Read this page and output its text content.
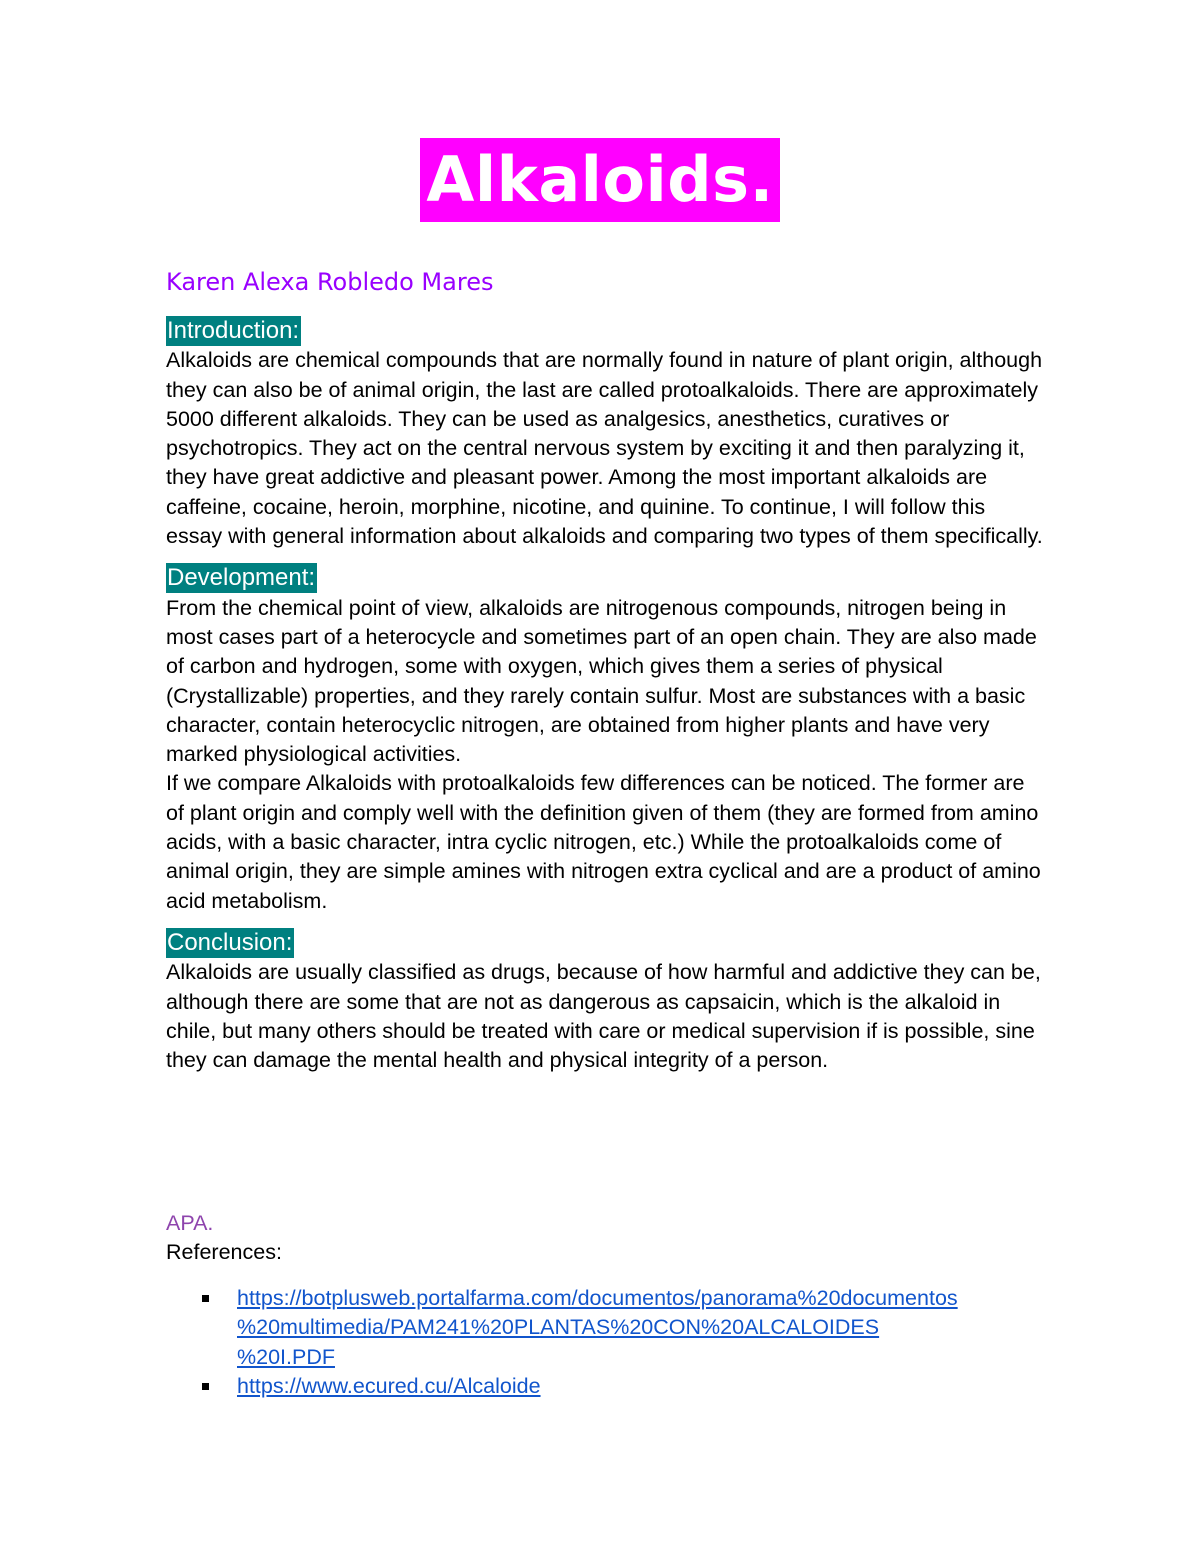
Alkaloids.
Karen Alexa Robledo Mares
Introduction:

Alkaloids are chemical compounds that are normally found in nature of plant origin, although they can also be of animal origin, the last are called protoalkaloids. There are approximately 5000 different alkaloids. They can be used as analgesics, anesthetics, curatives or psychotropics. They act on the central nervous system by exciting it and then paralyzing it, they have great addictive and pleasant power. Among the most important alkaloids are caffeine, cocaine, heroin, morphine, nicotine, and quinine. To continue, I will follow this essay with general information about alkaloids and comparing two types of them specifically.

Development:

From the chemical point of view, alkaloids are nitrogenous compounds, nitrogen being in most cases part of a heterocycle and sometimes part of an open chain. They are also made of carbon and hydrogen, some with oxygen, which gives them a series of physical (Crystallizable) properties, and they rarely contain sulfur. Most are substances with a basic character, contain heterocyclic nitrogen, are obtained from higher plants and have very marked physiological activities.

If we compare Alkaloids with protoalkaloids few differences can be noticed. The former are of plant origin and comply well with the definition given of them (they are formed from amino acids, with a basic character, intra cyclic nitrogen, etc.) While the protoalkaloids come of animal origin, they are simple amines with nitrogen extra cyclical and are a product of amino acid metabolism.

Conclusion:

Alkaloids are usually classified as drugs, because of how harmful and addictive they can be, although there are some that are not as dangerous as capsaicin, which is the alkaloid in chile, but many others should be treated with care or medical supervision if is possible, sine they can damage the mental health and physical integrity of a person.

APA.
References:
https://botplusweb.portalfarma.com/documentos/panorama%20documentos
%20multimedia/PAM241%20PLANTAS%20CON%20ALCALOIDES
%20I.PDF
https://www.ecured.cu/Alcaloide
